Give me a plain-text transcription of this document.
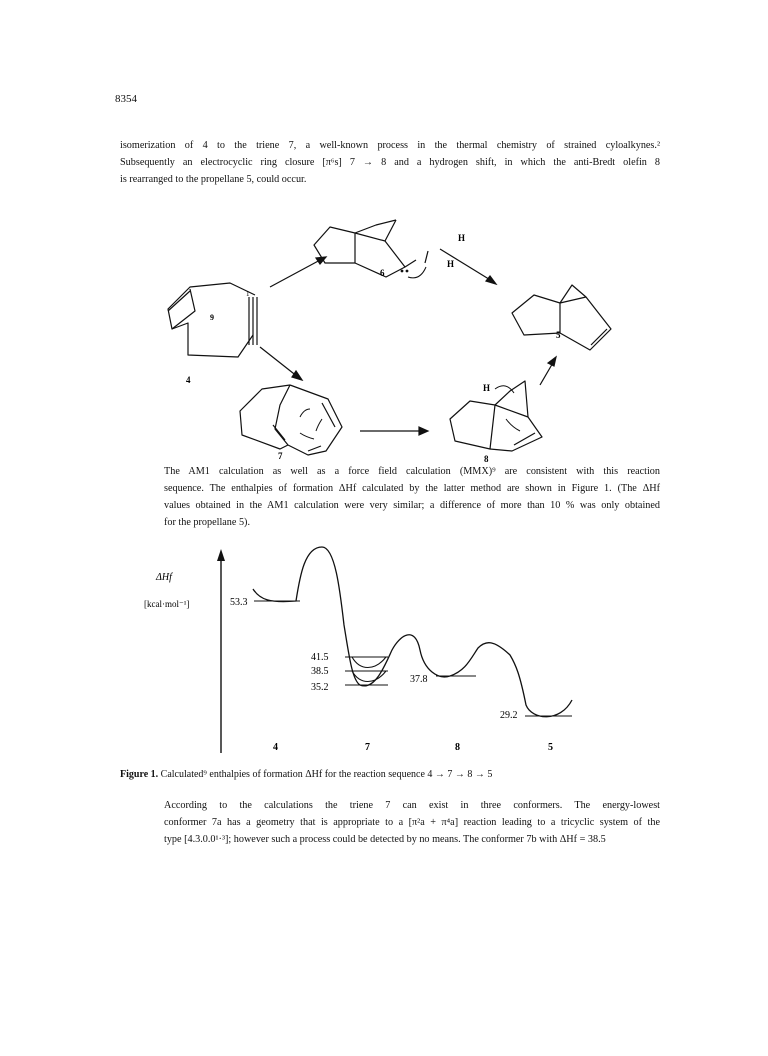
8354
isomerization of 4 to the triene 7, a well-known process in the thermal chemistry of strained cyloalkynes.²
Subsequently an electrocyclic ring closure [π⁶s] 7 → 8 and a hydrogen shift, in which the anti-Bredt olefin 8
is rearranged to the propellane 5, could occur.
1
9
4
6
5
7	8
H
H
H
The AM1 calculation as well as a force field calculation (MMX)⁹ are consistent with this reaction
sequence. The enthalpies of formation ΔHf calculated by the latter method are shown in Figure 1. (The ΔHf
values obtained in the AM1 calculation were very similar; a difference of more than 10 % was only obtained
for the propellane 5).
ΔHf
[kcal·mol⁻¹]	53.3
41.5
38.5
35.2
37.8
29.2
4	7	8	5
Figure 1. Calculated⁹ enthalpies of formation ΔHf for the reaction sequence 4 → 7 → 8 → 5
According to the calculations the triene 7 can exist in three conformers. The energy-lowest
conformer 7a has a geometry that is appropriate to a [π²a + π⁴a] reaction leading to a tricyclic system of the
type [4.3.0.0¹·³]; however such a process could be detected by no means. The conformer 7b with ΔHf = 38.5
